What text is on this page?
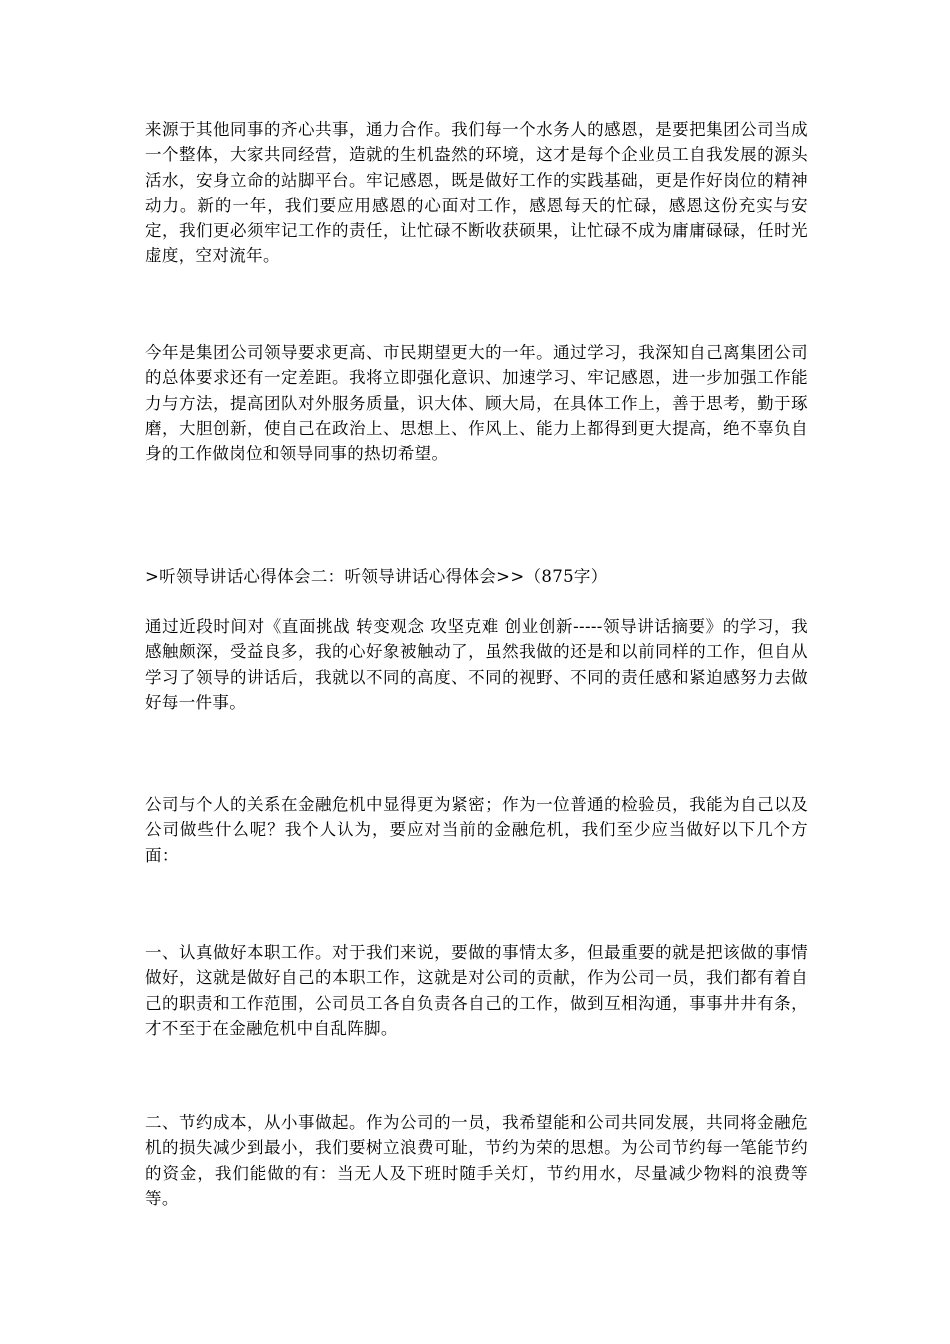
来源于其他同事的齐心共事，通力合作。我们每一个水务人的感恩，是要把集团公司当成一个整体，大家共同经营，造就的生机盎然的环境，这才是每个企业员工自我发展的源头活水，安身立命的站脚平台。牢记感恩，既是做好工作的实践基础，更是作好岗位的精神动力。新的一年，我们要应用感恩的心面对工作，感恩每天的忙碌，感恩这份充实与安定，我们更必须牢记工作的责任，让忙碌不断收获硕果，让忙碌不成为庸庸碌碌，任时光虚度，空对流年。

今年是集团公司领导要求更高、市民期望更大的一年。通过学习，我深知自己离集团公司的总体要求还有一定差距。我将立即强化意识、加速学习、牢记感恩，进一步加强工作能力与方法，提高团队对外服务质量，识大体、顾大局，在具体工作上，善于思考，勤于琢磨，大胆创新，使自己在政治上、思想上、作风上、能力上都得到更大提高，绝不辜负自身的工作做岗位和领导同事的热切希望。

>听领导讲话心得体会二：听领导讲话心得体会>>（875字）

通过近段时间对《直面挑战 转变观念 攻坚克难 创业创新-----领导讲话摘要》的学习，我感触颇深，受益良多，我的心好象被触动了，虽然我做的还是和以前同样的工作，但自从学习了领导的讲话后，我就以不同的高度、不同的视野、不同的责任感和紧迫感努力去做好每一件事。

公司与个人的关系在金融危机中显得更为紧密；作为一位普通的检验员，我能为自己以及公司做些什么呢？我个人认为，要应对当前的金融危机，我们至少应当做好以下几个方面：

一、认真做好本职工作。对于我们来说，要做的事情太多，但最重要的就是把该做的事情做好，这就是做好自己的本职工作，这就是对公司的贡献，作为公司一员，我们都有着自己的职责和工作范围，公司员工各自负责各自己的工作，做到互相沟通，事事井井有条，才不至于在金融危机中自乱阵脚。

二、节约成本，从小事做起。作为公司的一员，我希望能和公司共同发展，共同将金融危机的损失减少到最小，我们要树立浪费可耻，节约为荣的思想。为公司节约每一笔能节约的资金，我们能做的有：当无人及下班时随手关灯，节约用水，尽量减少物料的浪费等等。
